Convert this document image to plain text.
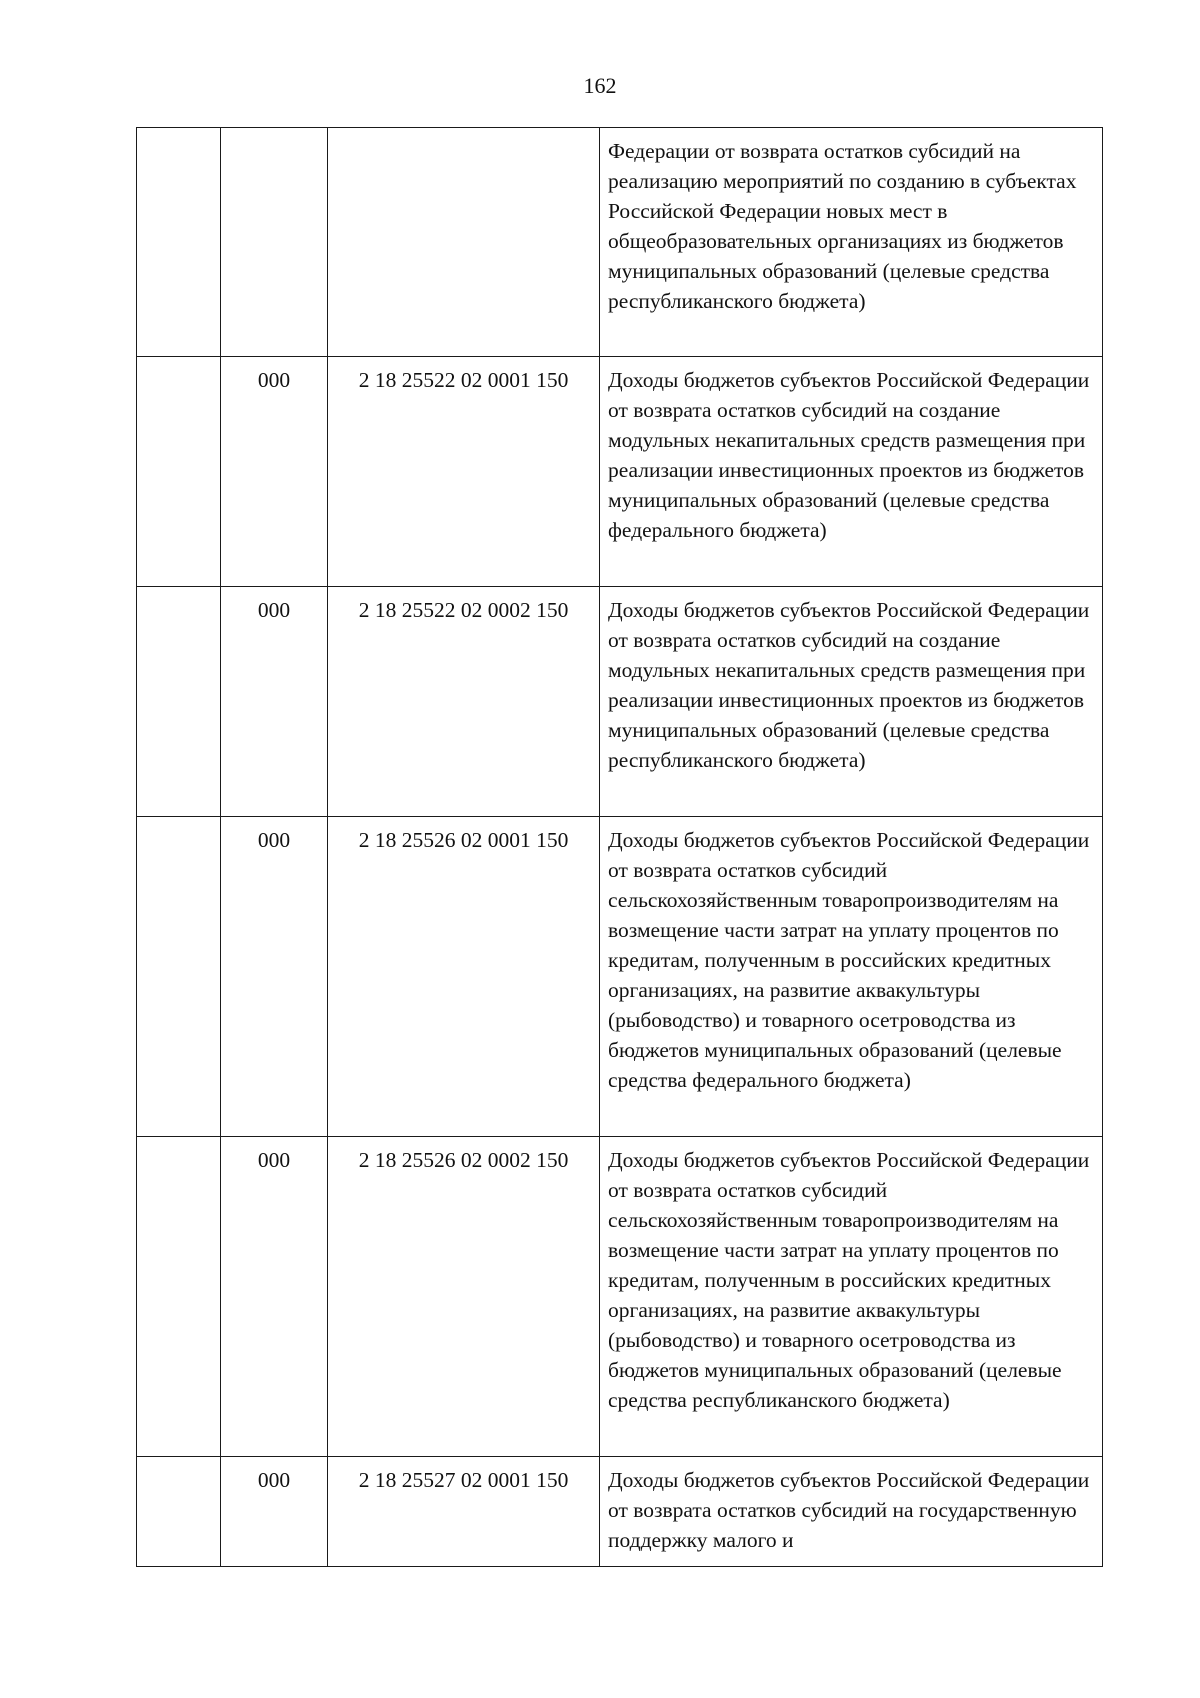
162
			Федерации от возврата остатков субсидий на реализацию мероприятий по созданию в субъектах Российской Федерации новых мест в общеобразовательных организациях из бюджетов муниципальных образований (целевые средства республиканского бюджета)
	000	2 18 25522 02 0001 150	Доходы бюджетов субъектов Российской Федерации от возврата остатков субсидий на создание модульных некапитальных средств размещения при реализации инвестиционных проектов из бюджетов муниципальных образований (целевые средства федерального бюджета)
	000	2 18 25522 02 0002 150	Доходы бюджетов субъектов Российской Федерации от возврата остатков субсидий на создание модульных некапитальных средств размещения при реализации инвестиционных проектов из бюджетов муниципальных образований (целевые средства республиканского бюджета)
	000	2 18 25526 02 0001 150	Доходы бюджетов субъектов Российской Федерации от возврата остатков субсидий сельскохозяйственным товаропроизводителям на возмещение части затрат на уплату процентов по кредитам, полученным в российских кредитных организациях, на развитие аквакультуры (рыбоводство) и товарного осетроводства из бюджетов муниципальных образований (целевые средства федерального бюджета)
	000	2 18 25526 02 0002 150	Доходы бюджетов субъектов Российской Федерации от возврата остатков субсидий сельскохозяйственным товаропроизводителям на возмещение части затрат на уплату процентов по кредитам, полученным в российских кредитных организациях, на развитие аквакультуры (рыбоводство) и товарного осетроводства из бюджетов муниципальных образований (целевые средства республиканского бюджета)
	000	2 18 25527 02 0001 150	Доходы бюджетов субъектов Российской Федерации от возврата остатков субсидий на государственную поддержку малого и
